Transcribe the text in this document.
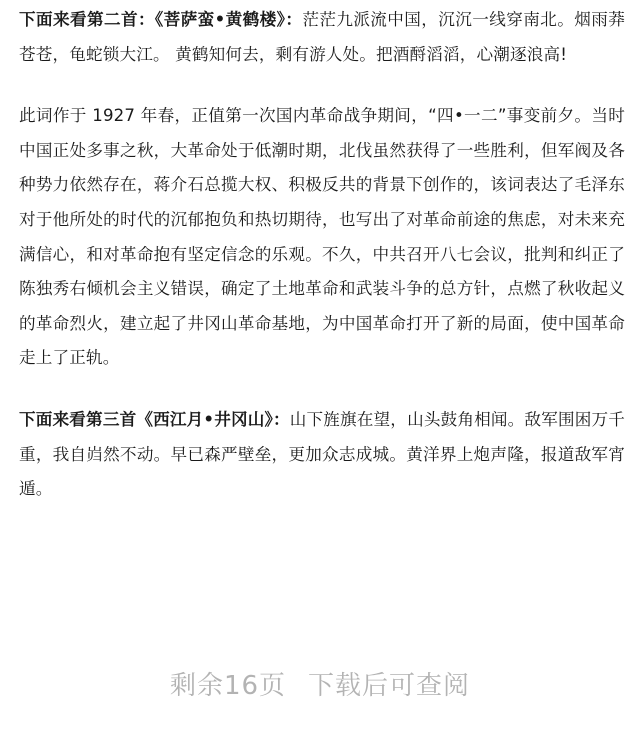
下面来看第二首：《菩萨蛮•黄鹤楼》：茫茫九派流中国，沉沉一线穿南北。烟雨莽苍苍，龟蛇锁大江。 黄鹤知何去，剩有游人处。把酒酹滔滔，心潮逐浪高!

此词作于 1927 年春，正值第一次国内革命战争期间，“四•一二”事变前夕。当时中国正处多事之秋，大革命处于低潮时期，北伐虽然获得了一些胜利，但军阀及各种势力依然存在，蒋介石总揽大权、积极反共的背景下创作的，该词表达了毛泽东对于他所处的时代的沉郁抱负和热切期待，也写出了对革命前途的焦虑，对未来充满信心，和对革命抱有坚定信念的乐观。不久，中共召开八七会议，批判和纠正了陈独秀右倾机会主义错误，确定了土地革命和武装斗争的总方针，点燃了秋收起义的革命烈火，建立起了井冈山革命基地，为中国革命打开了新的局面，使中国革命走上了正轨。

下面来看第三首《西江月•井冈山》：山下旌旗在望，山头鼓角相闻。敌军围困万千重，我自岿然不动。早已森严壁垒，更加众志成城。黄洋界上炮声隆，报道敌军宵遁。

剩余16页 下载后可查阅
